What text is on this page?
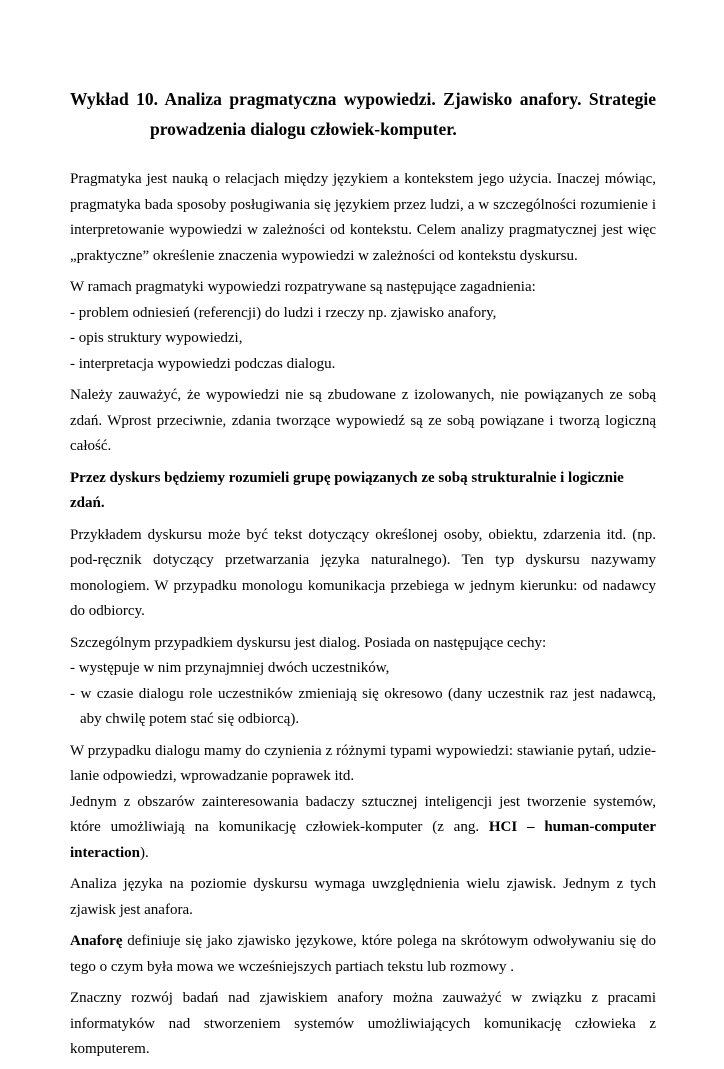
Wykład 10. Analiza pragmatyczna wypowiedzi. Zjawisko anafory. Strategie
prowadzenia dialogu człowiek-komputer.

Pragmatyka jest nauką o relacjach między językiem a kontekstem jego użycia. Inaczej mówiąc, pragmatyka bada sposoby posługiwania się językiem przez ludzi, a w szczególności rozumienie i interpretowanie wypowiedzi w zależności od kontekstu. Celem analizy pragmatycznej jest więc „praktyczne” określenie znaczenia wypowiedzi w zależności od kontekstu dyskursu.

W ramach pragmatyki wypowiedzi rozpatrywane są następujące zagadnienia:
- problem odniesień (referencji) do ludzi i rzeczy np. zjawisko anafory,
- opis struktury wypowiedzi,
- interpretacja wypowiedzi podczas dialogu.

Należy zauważyć, że wypowiedzi nie są zbudowane z izolowanych, nie powiązanych ze sobą zdań. Wprost przeciwnie, zdania tworzące wypowiedź są ze sobą powiązane i tworzą logiczną całość.

Przez dyskurs będziemy rozumieli grupę powiązanych ze sobą strukturalnie i logicznie zdań.

Przykładem dyskursu może być tekst dotyczący określonej osoby, obiektu, zdarzenia itd. (np. pod-ręcznik dotyczący przetwarzania języka naturalnego). Ten typ dyskursu nazywamy monologiem. W przypadku monologu komunikacja przebiega w jednym kierunku: od nadawcy do odbiorcy.

Szczególnym przypadkiem dyskursu jest dialog. Posiada on następujące cechy:
- występuje w nim przynajmniej dwóch uczestników,
- w czasie dialogu role uczestników zmieniają się okresowo (dany uczestnik raz jest nadawcą, aby chwilę potem stać się odbiorcą).

W przypadku dialogu mamy do czynienia z różnymi typami wypowiedzi: stawianie pytań, udzie-lanie odpowiedzi, wprowadzanie poprawek itd.

Jednym z obszarów zainteresowania badaczy sztucznej inteligencji jest tworzenie systemów, które umożliwiają na komunikację człowiek-komputer (z ang. HCI – human-computer interaction).

Analiza języka na poziomie dyskursu wymaga uwzględnienia wielu zjawisk. Jednym z tych zjawisk jest anafora.

Anaforę definiuje się jako zjawisko językowe, które polega na skrótowym odwoływaniu się do tego o czym była mowa we wcześniejszych partiach tekstu lub rozmowy .

Znaczny rozwój badań nad zjawiskiem anafory można zauważyć w związku z pracami informatyków nad stworzeniem systemów umożliwiających komunikację człowieka z komputerem.
